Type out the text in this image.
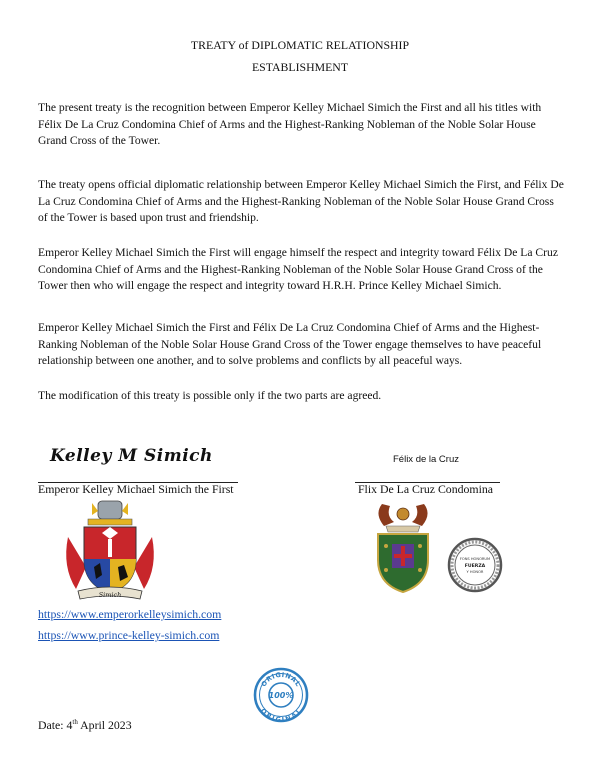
TREATY of DIPLOMATIC RELATIONSHIP
ESTABLISHMENT

The present treaty is the recognition between Emperor Kelley Michael Simich the First and all his titles with Félix De La Cruz Condomina Chief of Arms and the Highest-Ranking Nobleman of the Noble Solar House Grand Cross of the Tower.

The treaty opens official diplomatic relationship between Emperor Kelley Michael Simich the First, and Félix De La Cruz Condomina Chief of Arms and the Highest-Ranking Nobleman of the Noble Solar House Grand Cross of the Tower is based upon trust and friendship.

Emperor Kelley Michael Simich the First will engage himself the respect and integrity toward Félix De La Cruz Condomina Chief of Arms and the Highest-Ranking Nobleman of the Noble Solar House Grand Cross of the Tower then who will engage the respect and integrity toward H.R.H. Prince Kelley Michael Simich.

Emperor Kelley Michael Simich the First and Félix De La Cruz Condomina Chief of Arms and the Highest-Ranking Nobleman of the Noble Solar House Grand Cross of the Tower engage themselves to have peaceful relationship between one another, and to solve problems and conflicts by all peaceful ways.

The modification of this treaty is possible only if the two parts are agreed.

Kelley M Simich
Emperor Kelley Michael Simich the First
Félix de la Cruz
Flix De La Cruz Condomina
Simich
FONS HONORUM
FUERZA
Y HONOR
https://www.emperorkelleysimich.com
https://www.prince-kelley-simich.com
ORIGINAL
100%
ORIGINAL
Date: 4th April 2023
